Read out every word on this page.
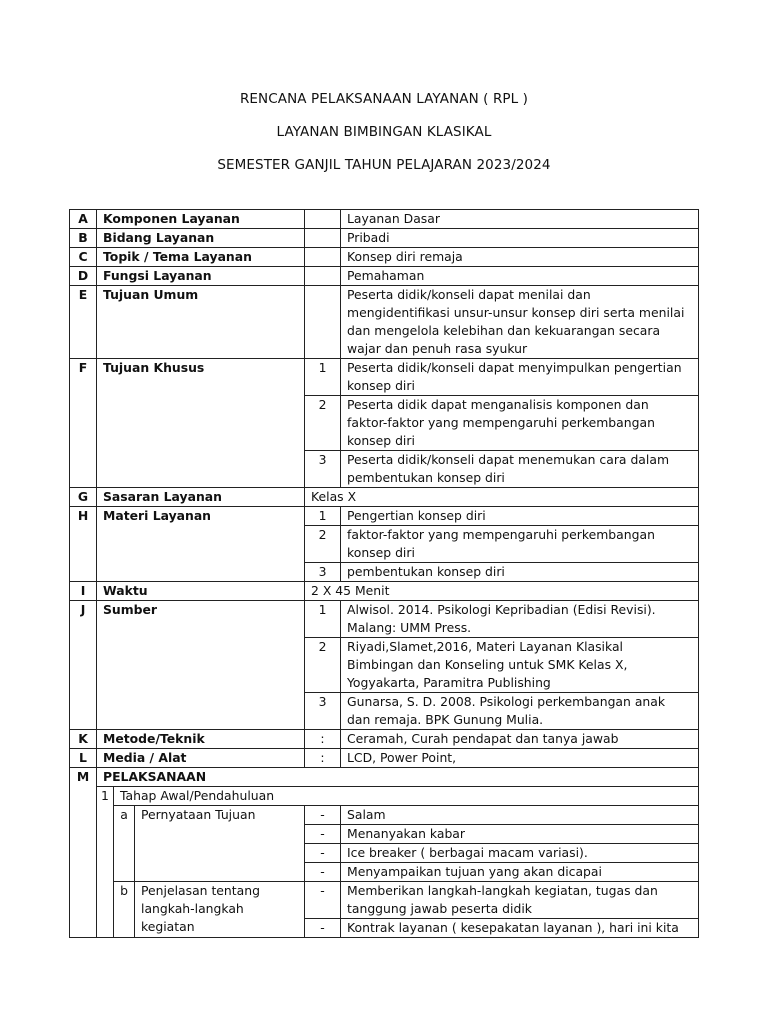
RENCANA PELAKSANAAN LAYANAN ( RPL )
LAYANAN BIMBINGAN KLASIKAL
SEMESTER GANJIL TAHUN PELAJARAN 2023/2024
A	Komponen Layanan				Layanan Dasar
B	Bidang Layanan				Pribadi
C	Topik / Tema Layanan				Konsep diri remaja
D	Fungsi Layanan				Pemahaman
E	Tujuan Umum				Peserta didik/konseli dapat menilai dan mengidentifikasi unsur-unsur konsep diri serta menilai dan mengelola kelebihan dan kekuarangan secara wajar dan penuh rasa syukur
F	Tujuan Khusus			1	Peserta didik/konseli dapat menyimpulkan pengertian konsep diri
				2	Peserta didik dapat menganalisis komponen dan faktor-faktor yang mempengaruhi perkembangan konsep diri
				3	Peserta didik/konseli dapat menemukan cara dalam pembentukan konsep diri
G	Sasaran Layanan			Kelas X	
H	Materi Layanan			1	Pengertian konsep diri
				2	faktor-faktor yang mempengaruhi perkembangan konsep diri
				3	pembentukan konsep diri
I	Waktu			2 X 45 Menit	
J	Sumber			1	Alwisol. 2014. Psikologi Kepribadian (Edisi Revisi). Malang: UMM Press.
				2	Riyadi,Slamet,2016, Materi Layanan Klasikal Bimbingan dan Konseling untuk SMK Kelas X, Yogyakarta, Paramitra Publishing
				3	Gunarsa, S. D. 2008. Psikologi perkembangan anak dan remaja. BPK Gunung Mulia.
K	Metode/Teknik			:	Ceramah, Curah pendapat dan tanya jawab
L	Media / Alat			:	LCD, Power Point,
M	PELAKSANAAN				
	1	Tahap Awal/Pendahuluan			
		a	Pernyataan Tujuan	-	Salam
				-	Menanyakan kabar
				-	Ice breaker ( berbagai macam variasi).
				-	Menyampaikan tujuan yang akan dicapai
		b	Penjelasan tentang langkah-langkah kegiatan	-	Memberikan langkah-langkah kegiatan, tugas dan tanggung jawab peserta didik
				-	Kontrak layanan ( kesepakatan layanan ), hari ini kita
